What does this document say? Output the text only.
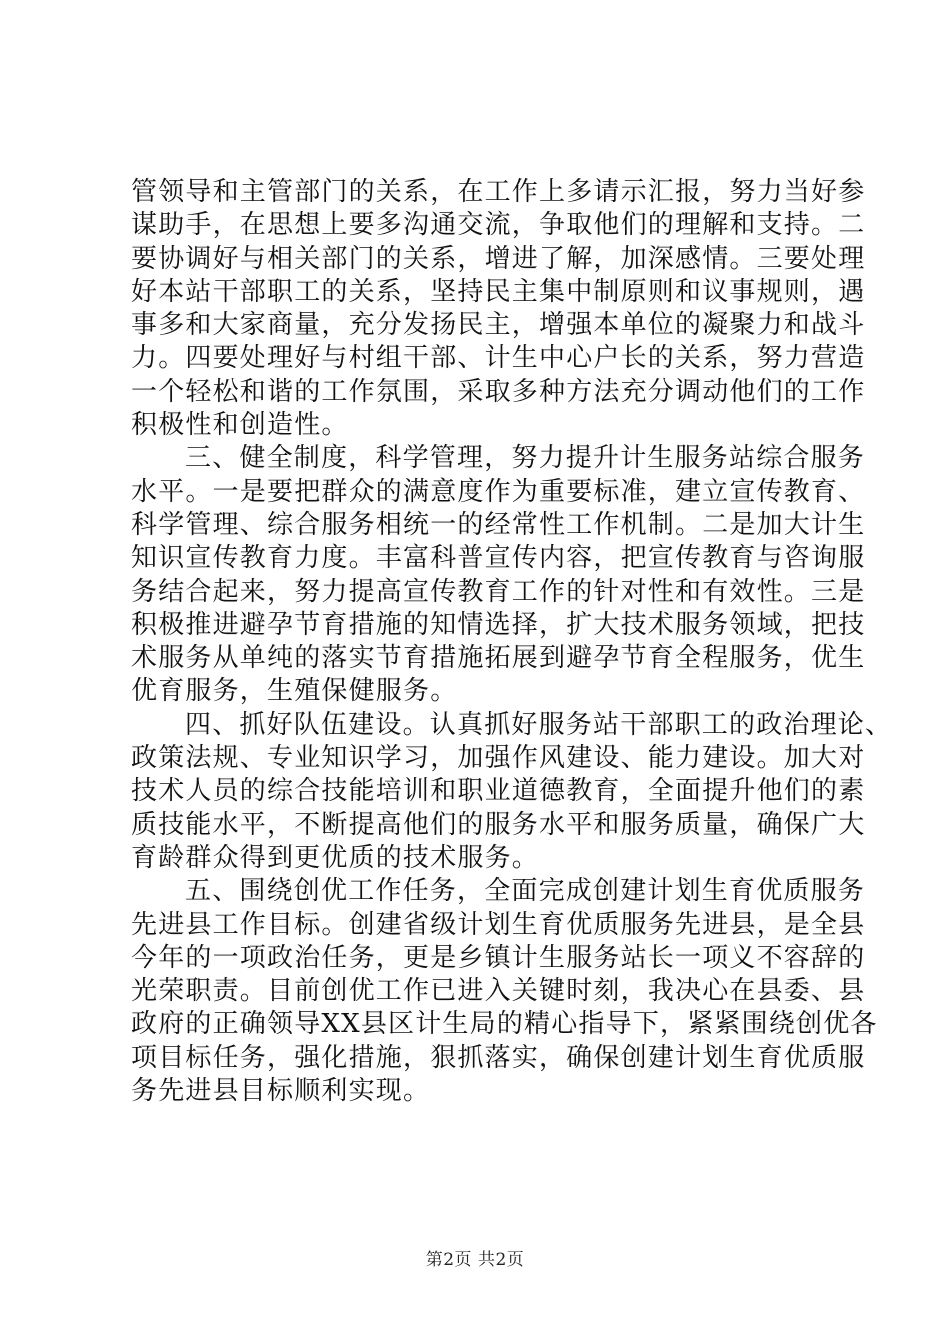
管领导和主管部门的关系，在工作上多请示汇报，努力当好参
谋助手，在思想上要多沟通交流，争取他们的理解和支持。二
要协调好与相关部门的关系，增进了解，加深感情。三要处理
好本站干部职工的关系，坚持民主集中制原则和议事规则，遇
事多和大家商量，充分发扬民主，增强本单位的凝聚力和战斗
力。四要处理好与村组干部、计生中心户长的关系，努力营造
一个轻松和谐的工作氛围，采取多种方法充分调动他们的工作
积极性和创造性。
三、健全制度，科学管理，努力提升计生服务站综合服务
水平。一是要把群众的满意度作为重要标准，建立宣传教育、
科学管理、综合服务相统一的经常性工作机制。二是加大计生
知识宣传教育力度。丰富科普宣传内容，把宣传教育与咨询服
务结合起来，努力提高宣传教育工作的针对性和有效性。三是
积极推进避孕节育措施的知情选择，扩大技术服务领域，把技
术服务从单纯的落实节育措施拓展到避孕节育全程服务，优生
优育服务，生殖保健服务。
四、抓好队伍建设。认真抓好服务站干部职工的政治理论、
政策法规、专业知识学习，加强作风建设、能力建设。加大对
技术人员的综合技能培训和职业道德教育，全面提升他们的素
质技能水平，不断提高他们的服务水平和服务质量，确保广大
育龄群众得到更优质的技术服务。
五、围绕创优工作任务，全面完成创建计划生育优质服务
先进县工作目标。创建省级计划生育优质服务先进县，是全县
今年的一项政治任务，更是乡镇计生服务站长一项义不容辞的
光荣职责。目前创优工作已进入关键时刻，我决心在县委、县
政府的正确领导XX县区计生局的精心指导下，紧紧围绕创优各
项目标任务，强化措施，狠抓落实，确保创建计划生育优质服
务先进县目标顺利实现。
第2页 共2页
